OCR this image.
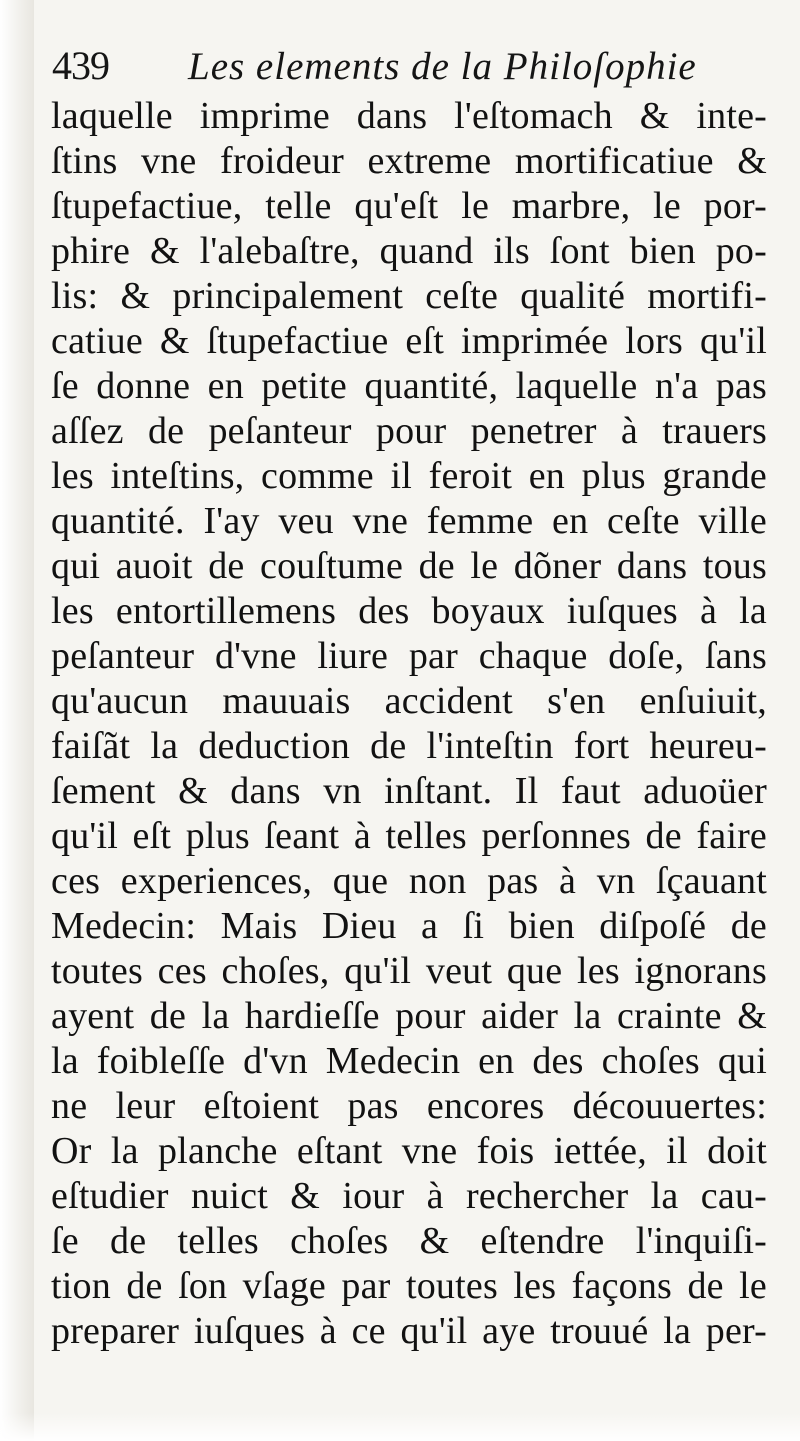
439 Les elements de la Philoſophie
laquelle imprime dans l'eſtomach & inte-
ſtins vne froideur extreme mortificatiue &
ſtupefactiue, telle qu'eſt le marbre, le por-
phire & l'alebaſtre, quand ils ſont bien po-
lis: & principalement ceſte qualité mortifi-
catiue & ſtupefactiue eſt imprimée lors qu'il
ſe donne en petite quantité, laquelle n'a pas
aſſez de peſanteur pour penetrer à trauers
les inteſtins, comme il feroit en plus grande
quantité. I'ay veu vne femme en ceſte ville
qui auoit de couſtume de le dõner dans tous
les entortillemens des boyaux iuſques à la
peſanteur d'vne liure par chaque doſe, ſans
qu'aucun mauuais accident s'en enſuiuit,
faiſãt la deduction de l'inteſtin fort heureu-
ſement & dans vn inſtant. Il faut aduoüer
qu'il eſt plus ſeant à telles perſonnes de faire
ces experiences, que non pas à vn ſçauant
Medecin: Mais Dieu a ſi bien diſpoſé de
toutes ces choſes, qu'il veut que les ignorans
ayent de la hardieſſe pour aider la crainte &
la foibleſſe d'vn Medecin en des choſes qui
ne leur eſtoient pas encores découuertes:
Or la planche eſtant vne fois iettée, il doit
eſtudier nuict & iour à rechercher la cau-
ſe de telles choſes & eſtendre l'inquiſi-
tion de ſon vſage par toutes les façons de le
preparer iuſques à ce qu'il aye trouué la per-
